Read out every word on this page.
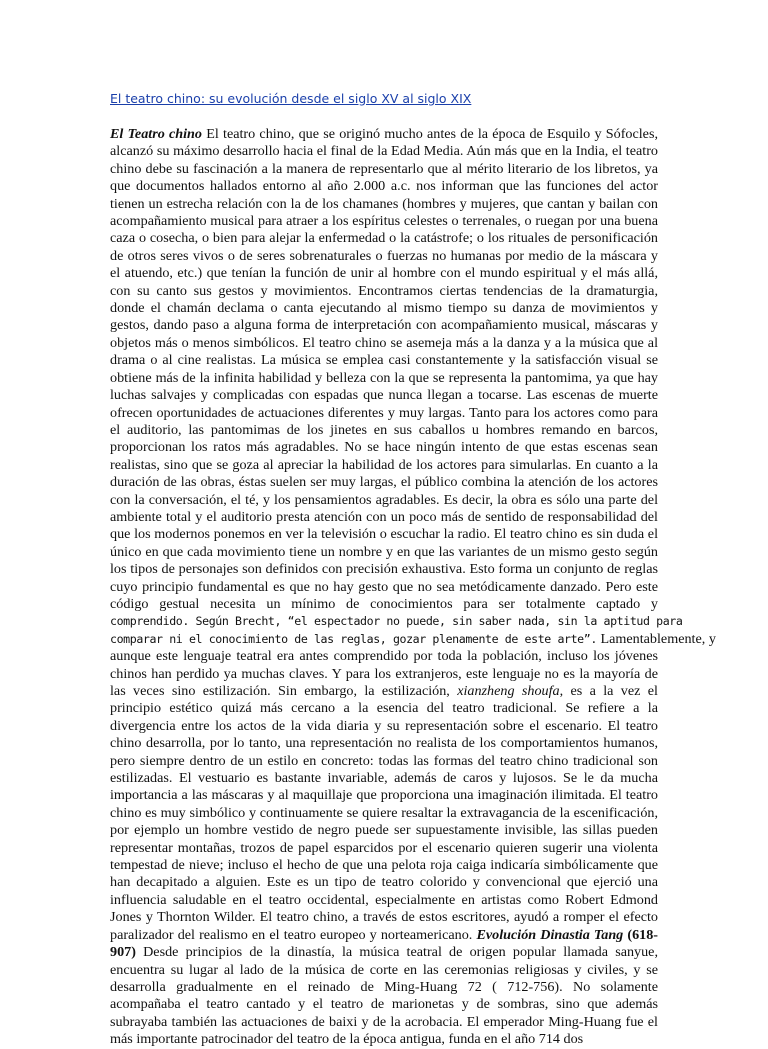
El teatro chino: su evolución desde el siglo XV al siglo XIX
El Teatro chino El teatro chino, que se originó mucho antes de la época de Esquilo y Sófocles,
alcanzó su máximo desarrollo hacia el final de la Edad Media. Aún más que en la India, el teatro
chino debe su fascinación a la manera de representarlo que al mérito literario de los libretos, ya
que documentos hallados entorno al año 2.000 a.c. nos informan que las funciones del actor
tienen un estrecha relación con la de los chamanes (hombres y mujeres, que cantan y bailan con
acompañamiento musical para atraer a los espíritus celestes o terrenales, o ruegan por una buena
caza o cosecha, o bien para alejar la enfermedad o la catástrofe; o los rituales de personificación
de otros seres vivos o de seres sobrenaturales o fuerzas no humanas por medio de la máscara y
el atuendo, etc.) que tenían la función de unir al hombre con el mundo espiritual y el más allá,
con su canto sus gestos y movimientos. Encontramos ciertas tendencias de la dramaturgia,
donde el chamán declama o canta ejecutando al mismo tiempo su danza de movimientos y
gestos, dando paso a alguna forma de interpretación con acompañamiento musical, máscaras y
objetos más o menos simbólicos. El teatro chino se asemeja más a la danza y a la música que al
drama o al cine realistas. La música se emplea casi constantemente y la satisfacción visual se
obtiene más de la infinita habilidad y belleza con la que se representa la pantomima, ya que hay
luchas salvajes y complicadas con espadas que nunca llegan a tocarse. Las escenas de muerte
ofrecen oportunidades de actuaciones diferentes y muy largas. Tanto para los actores como para
el auditorio, las pantomimas de los jinetes en sus caballos u hombres remando en barcos,
proporcionan los ratos más agradables. No se hace ningún intento de que estas escenas sean
realistas, sino que se goza al apreciar la habilidad de los actores para simularlas. En cuanto a la
duración de las obras, éstas suelen ser muy largas, el público combina la atención de los actores
con la conversación, el té, y los pensamientos agradables. Es decir, la obra es sólo una parte del
ambiente total y el auditorio presta atención con un poco más de sentido de responsabilidad del
que los modernos ponemos en ver la televisión o escuchar la radio. El teatro chino es sin duda el
único en que cada movimiento tiene un nombre y en que las variantes de un mismo gesto según
los tipos de personajes son definidos con precisión exhaustiva. Esto forma un conjunto de reglas
cuyo principio fundamental es que no hay gesto que no sea metódicamente danzado. Pero este
código gestual necesita un mínimo de conocimientos para ser totalmente captado y
comprendido. Según Brecht, “el espectador no puede, sin saber nada, sin la aptitud para
comparar ni el conocimiento de las reglas, gozar plenamente de este arte”. Lamentablemente, y
aunque este lenguaje teatral era antes comprendido por toda la población, incluso los jóvenes
chinos han perdido ya muchas claves. Y para los extranjeros, este lenguaje no es la mayoría de
las veces sino estilización. Sin embargo, la estilización, xianzheng shoufa, es a la vez el
principio estético quizá más cercano a la esencia del teatro tradicional. Se refiere a la
divergencia entre los actos de la vida diaria y su representación sobre el escenario. El teatro
chino desarrolla, por lo tanto, una representación no realista de los comportamientos humanos,
pero siempre dentro de un estilo en concreto: todas las formas del teatro chino tradicional son
estilizadas. El vestuario es bastante invariable, además de caros y lujosos. Se le da mucha
importancia a las máscaras y al maquillaje que proporciona una imaginación ilimitada. El teatro
chino es muy simbólico y continuamente se quiere resaltar la extravagancia de la escenificación,
por ejemplo un hombre vestido de negro puede ser supuestamente invisible, las sillas pueden
representar montañas, trozos de papel esparcidos por el escenario quieren sugerir una violenta
tempestad de nieve; incluso el hecho de que una pelota roja caiga indicaría simbólicamente que
han decapitado a alguien. Este es un tipo de teatro colorido y convencional que ejerció una
influencia saludable en el teatro occidental, especialmente en artistas como Robert Edmond
Jones y Thornton Wilder. El teatro chino, a través de estos escritores, ayudó a romper el efecto
paralizador del realismo en el teatro europeo y norteamericano. Evolución Dinastia Tang (618-
907) Desde principios de la dinastía, la música teatral de origen popular llamada sanyue,
encuentra su lugar al lado de la música de corte en las ceremonias religiosas y civiles, y se
desarrolla gradualmente en el reinado de Ming-Huang 72 ( 712-756). No solamente
acompañaba el teatro cantado y el teatro de marionetas y de sombras, sino que además
subrayaba también las actuaciones de baixi y de la acrobacia. El emperador Ming-Huang fue el
más importante patrocinador del teatro de la época antigua, funda en el año 714 dos
